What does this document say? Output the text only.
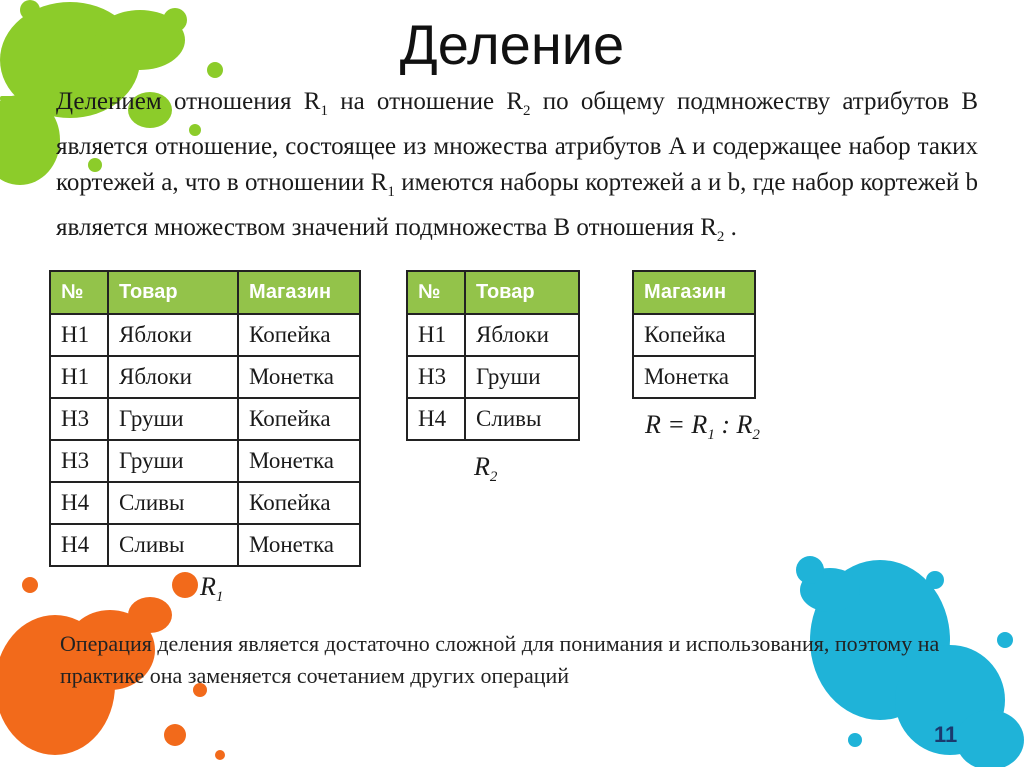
Деление
Делением отношения $R_1$ на отношение $R_2$ по общему подмножеству атрибутов B является отношение, состоящее из множества атрибутов A и содержащее набор таких кортежей a, что в отношении $R_1$ имеются наборы кортежей a и b, где набор кортежей b является множеством значений подмножества B отношения $R_2$ .
№	Товар	Магазин
H1	Яблоки	Копейка
H1	Яблоки	Монетка
H3	Груши	Копейка
H3	Груши	Монетка
H4	Сливы	Копейка
H4	Сливы	Монетка
$R_1$
№	Товар
H1	Яблоки
H3	Груши
H4	Сливы
$R_2$
Магазин
Копейка
Монетка
$R = R_1$ : $R_2$
Операция деления является достаточно сложной для понимания и использования, поэтому на практике она заменяется сочетанием других операций
11
